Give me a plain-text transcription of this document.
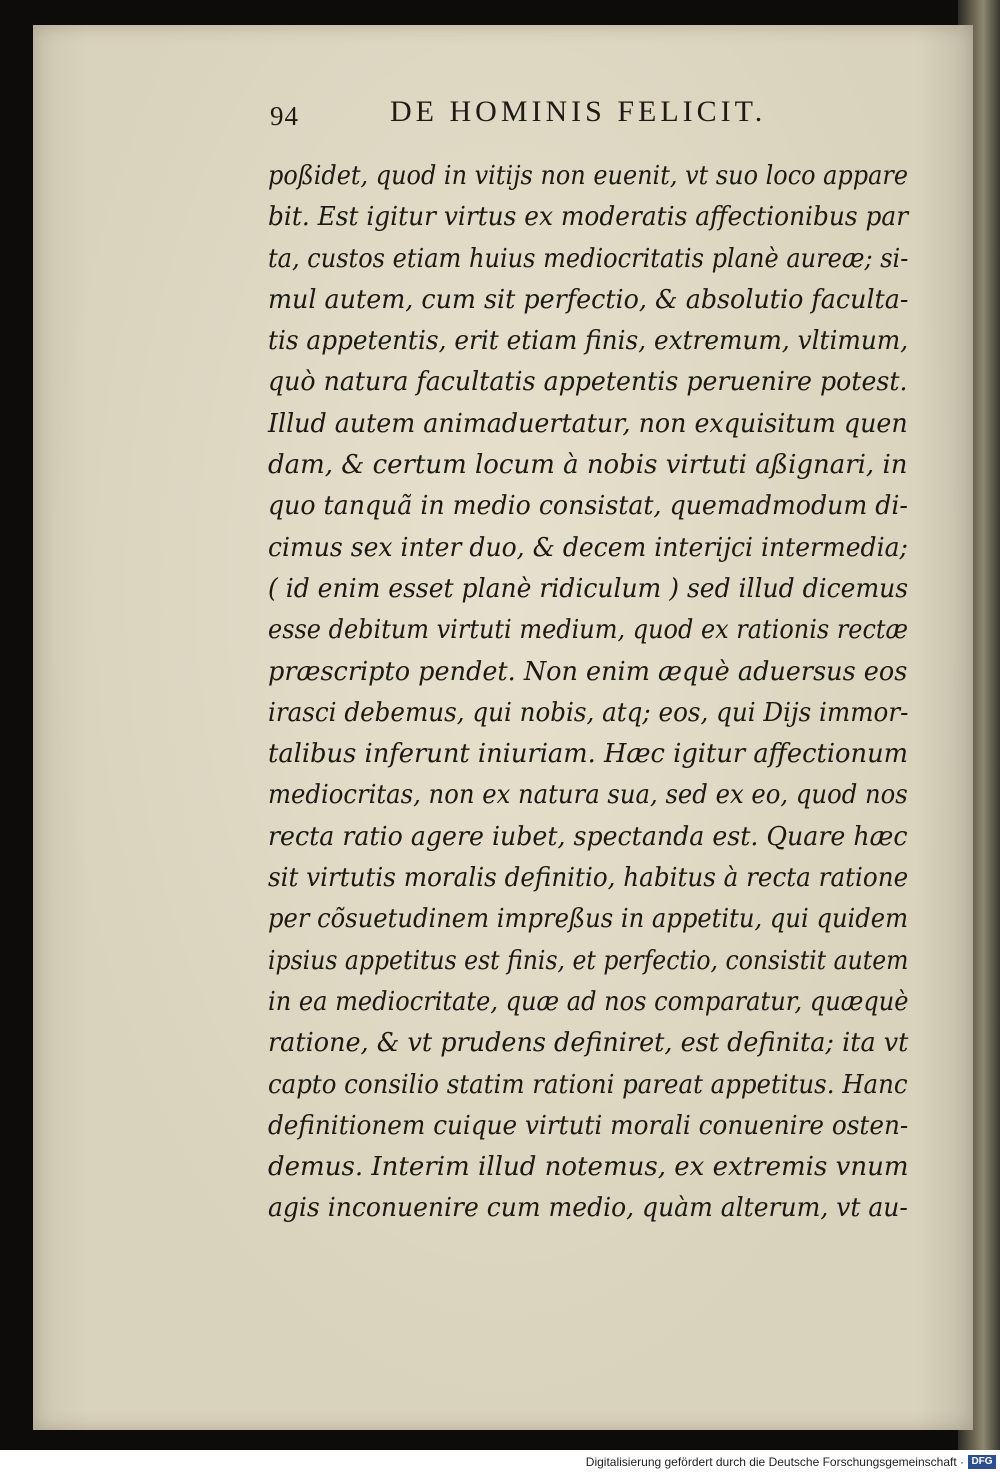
94	DE HOMINIS FELICIT.
poßidet, quod in vitijs non euenit, vt suo loco appare
bit. Est igitur virtus ex moderatis affectionibus par
ta, custos etiam huius mediocritatis planè aureæ; si-
mul autem, cum sit perfectio, & absolutio faculta-
tis appetentis, erit etiam finis, extremum, vltimum,
quò natura facultatis appetentis peruenire potest.
Illud autem animaduertatur, non exquisitum quen
dam, & certum locum à nobis virtuti aßignari, in
quo tanquã in medio consistat, quemadmodum di-
cimus sex inter duo, & decem interijci intermedia;
( id enim esset planè ridiculum ) sed illud dicemus
esse debitum virtuti medium, quod ex rationis rectæ
præscripto pendet. Non enim æquè aduersus eos
irasci debemus, qui nobis, atq; eos, qui Dijs immor-
talibus inferunt iniuriam. Hæc igitur affectionum
mediocritas, non ex natura sua, sed ex eo, quod nos
recta ratio agere iubet, spectanda est. Quare hæc
sit virtutis moralis definitio, habitus à recta ratione
per cõsuetudinem impreßus in appetitu, qui quidem
ipsius appetitus est finis, et perfectio, consistit autem
in ea mediocritate, quæ ad nos comparatur, quæquè
ratione, & vt prudens definiret, est definita; ita vt
capto consilio statim rationi pareat appetitus. Hanc
definitionem cuique virtuti morali conuenire osten-
demus. Interim illud notemus, ex extremis vnum
agis inconuenire cum medio, quàm alterum, vt au-
Digitalisierung gefördert durch die Deutsche Forschungsgemeinschaft · DFG
